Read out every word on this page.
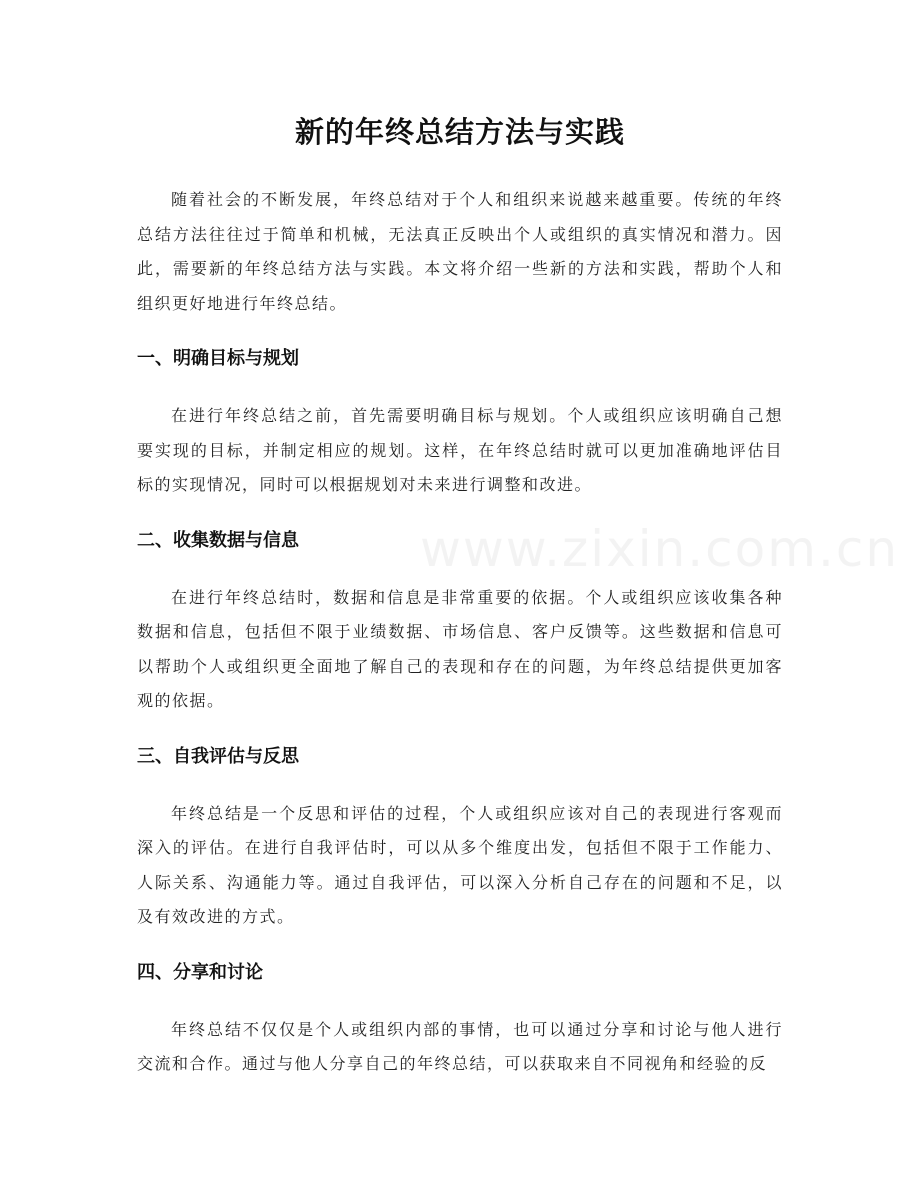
www.zixin.com.cn
新的年终总结方法与实践

随着社会的不断发展，年终总结对于个人和组织来说越来越重要。传统的年终总结方法往往过于简单和机械，无法真正反映出个人或组织的真实情况和潜力。因此，需要新的年终总结方法与实践。本文将介绍一些新的方法和实践，帮助个人和组织更好地进行年终总结。

一、明确目标与规划

在进行年终总结之前，首先需要明确目标与规划。个人或组织应该明确自己想要实现的目标，并制定相应的规划。这样，在年终总结时就可以更加准确地评估目标的实现情况，同时可以根据规划对未来进行调整和改进。

二、收集数据与信息

在进行年终总结时，数据和信息是非常重要的依据。个人或组织应该收集各种数据和信息，包括但不限于业绩数据、市场信息、客户反馈等。这些数据和信息可以帮助个人或组织更全面地了解自己的表现和存在的问题，为年终总结提供更加客观的依据。

三、自我评估与反思

年终总结是一个反思和评估的过程，个人或组织应该对自己的表现进行客观而深入的评估。在进行自我评估时，可以从多个维度出发，包括但不限于工作能力、人际关系、沟通能力等。通过自我评估，可以深入分析自己存在的问题和不足，以及有效改进的方式。

四、分享和讨论

年终总结不仅仅是个人或组织内部的事情，也可以通过分享和讨论与他人进行交流和合作。通过与他人分享自己的年终总结，可以获取来自不同视角和经验的反
